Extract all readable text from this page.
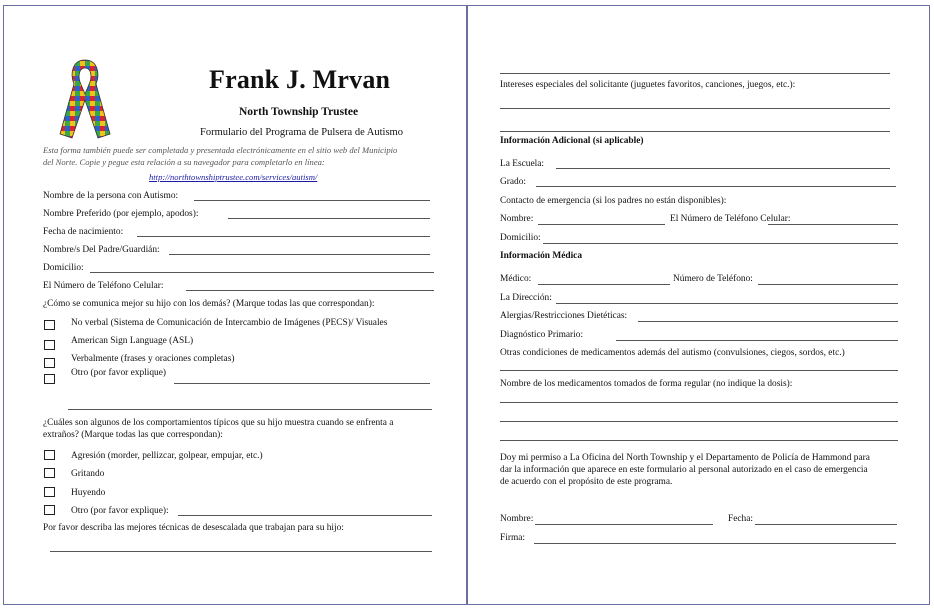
Frank J. Mrvan
North Township Trustee
Formulario del Programa de Pulsera de Autismo
Esta forma también puede ser completada y presentada electrónicamente en el sitio web del Municipio
del Norte. Copie y pegue esta relación a su navegador para completarlo en línea:
http://northtownshiptrustee.com/services/autism/
Nombre de la persona con Autismo:
Nombre Preferido (por ejemplo, apodos):
Fecha de nacimiento:
Nombre/s Del Padre/Guardián:
Domicilio:
El Número de Teléfono Celular:
¿Cómo se comunica mejor su hijo con los demás? (Marque todas las que correspondan):
No verbal (Sistema de Comunicación de Intercambio de Imágenes (PECS)/ Visuales
American Sign Language (ASL)
Verbalmente (frases y oraciones completas)
Otro (por favor explique)
¿Cuáles son algunos de los comportamientos típicos que su hijo muestra cuando se enfrenta a
extraños? (Marque todas las que correspondan):
Agresión (morder, pellizcar, golpear, empujar, etc.)
Gritando
Huyendo
Otro (por favor explique):
Por favor describa las mejores técnicas de desescalada que trabajan para su hijo:
Intereses especiales del solicitante (juguetes favoritos, canciones, juegos, etc.):
Información Adicional (si aplicable)
La Escuela:
Grado:
Contacto de emergencia (si los padres no están disponibles):
Nombre:	El Número de Teléfono Celular:
Domicilio:
Información Médica
Médico:	Número de Teléfono:
La Dirección:
Alergias/Restricciones Dietéticas:
Diagnóstico Primario:
Otras condiciones de medicamentos además del autismo (convulsiones, ciegos, sordos, etc.)
Nombre de los medicamentos tomados de forma regular (no indique la dosis):
Doy mi permiso a La Oficina del North Township y el Departamento de Policía de Hammond para
dar la información que aparece en este formulario al personal autorizado en el caso de emergencia
de acuerdo con el propósito de este programa.
Nombre:	Fecha:
Firma:
